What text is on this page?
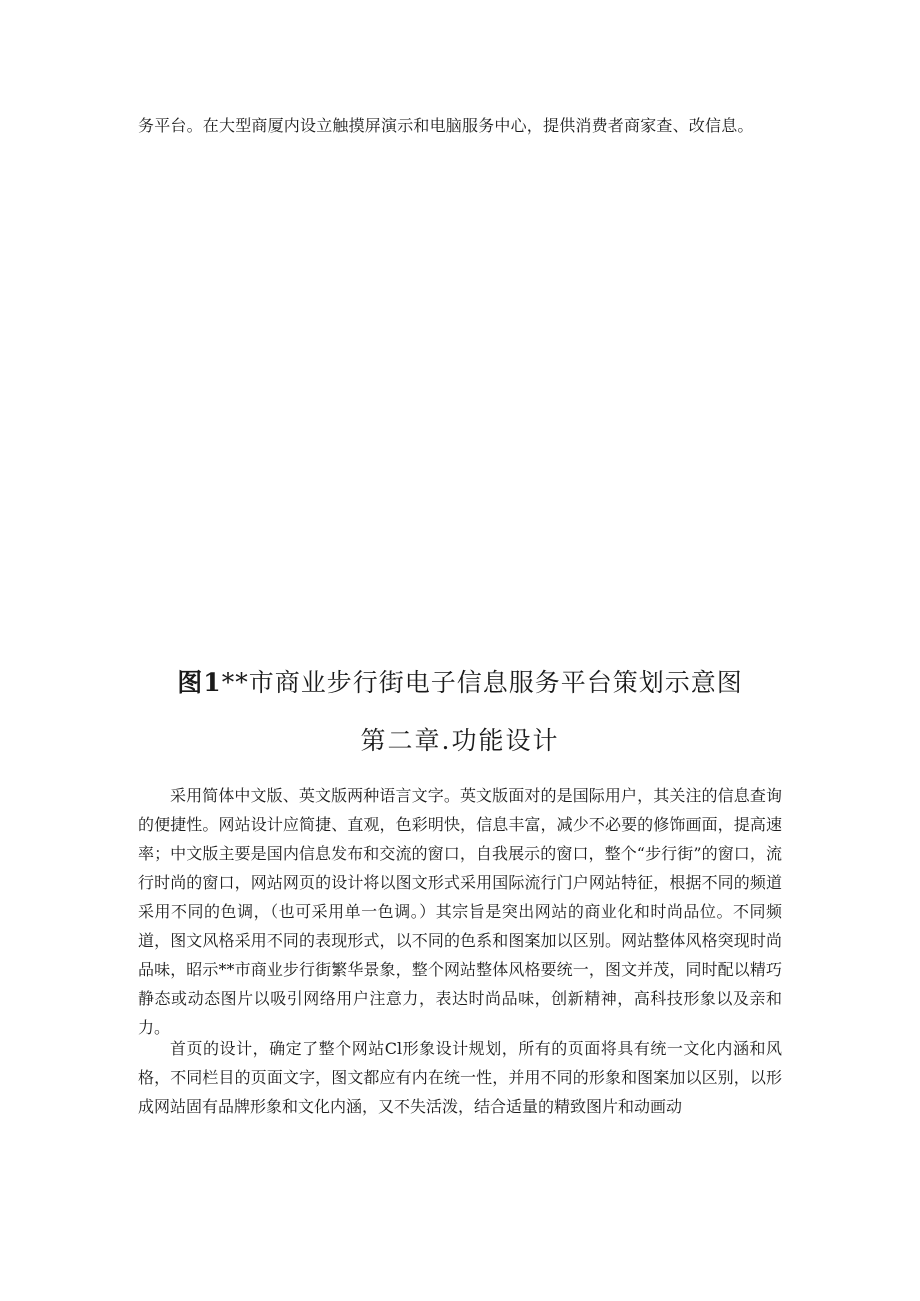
务平台。在大型商厦内设立触摸屏演示和电脑服务中心，提供消费者商家查、改信息。
图1**市商业步行街电子信息服务平台策划示意图
第二章.功能设计

采用简体中文版、英文版两种语言文字。英文版面对的是国际用户，其关注的信息查询的便捷性。网站设计应简捷、直观，色彩明快，信息丰富，减少不必要的修饰画面，提高速率；中文版主要是国内信息发布和交流的窗口，自我展示的窗口，整个“步行街”的窗口，流行时尚的窗口，网站网页的设计将以图文形式采用国际流行门户网站特征，根据不同的频道采用不同的色调，（也可采用单一色调。）其宗旨是突出网站的商业化和时尚品位。不同频道，图文风格采用不同的表现形式，以不同的色系和图案加以区别。网站整体风格突现时尚品味，昭示**市商业步行街繁华景象，整个网站整体风格要统一，图文并茂，同时配以精巧静态或动态图片以吸引网络用户注意力，表达时尚品味，创新精神，高科技形象以及亲和力。

首页的设计，确定了整个网站Cl形象设计规划，所有的页面将具有统一文化内涵和风格，不同栏目的页面文字，图文都应有内在统一性，并用不同的形象和图案加以区别，以形成网站固有品牌形象和文化内涵，又不失活泼，结合适量的精致图片和动画动
